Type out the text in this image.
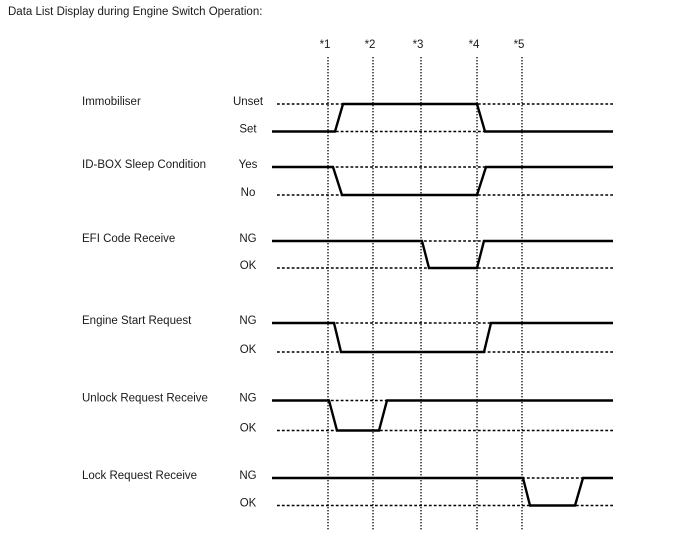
Data List Display during Engine Switch Operation:
*1	*2	*3	*4	*5
Immobiliser	Unset
Set
ID-BOX Sleep Condition	Yes
No
EFI Code Receive	NG
OK
Engine Start Request	NG
OK
Unlock Request Receive	NG
OK
Lock Request Receive	NG
OK
